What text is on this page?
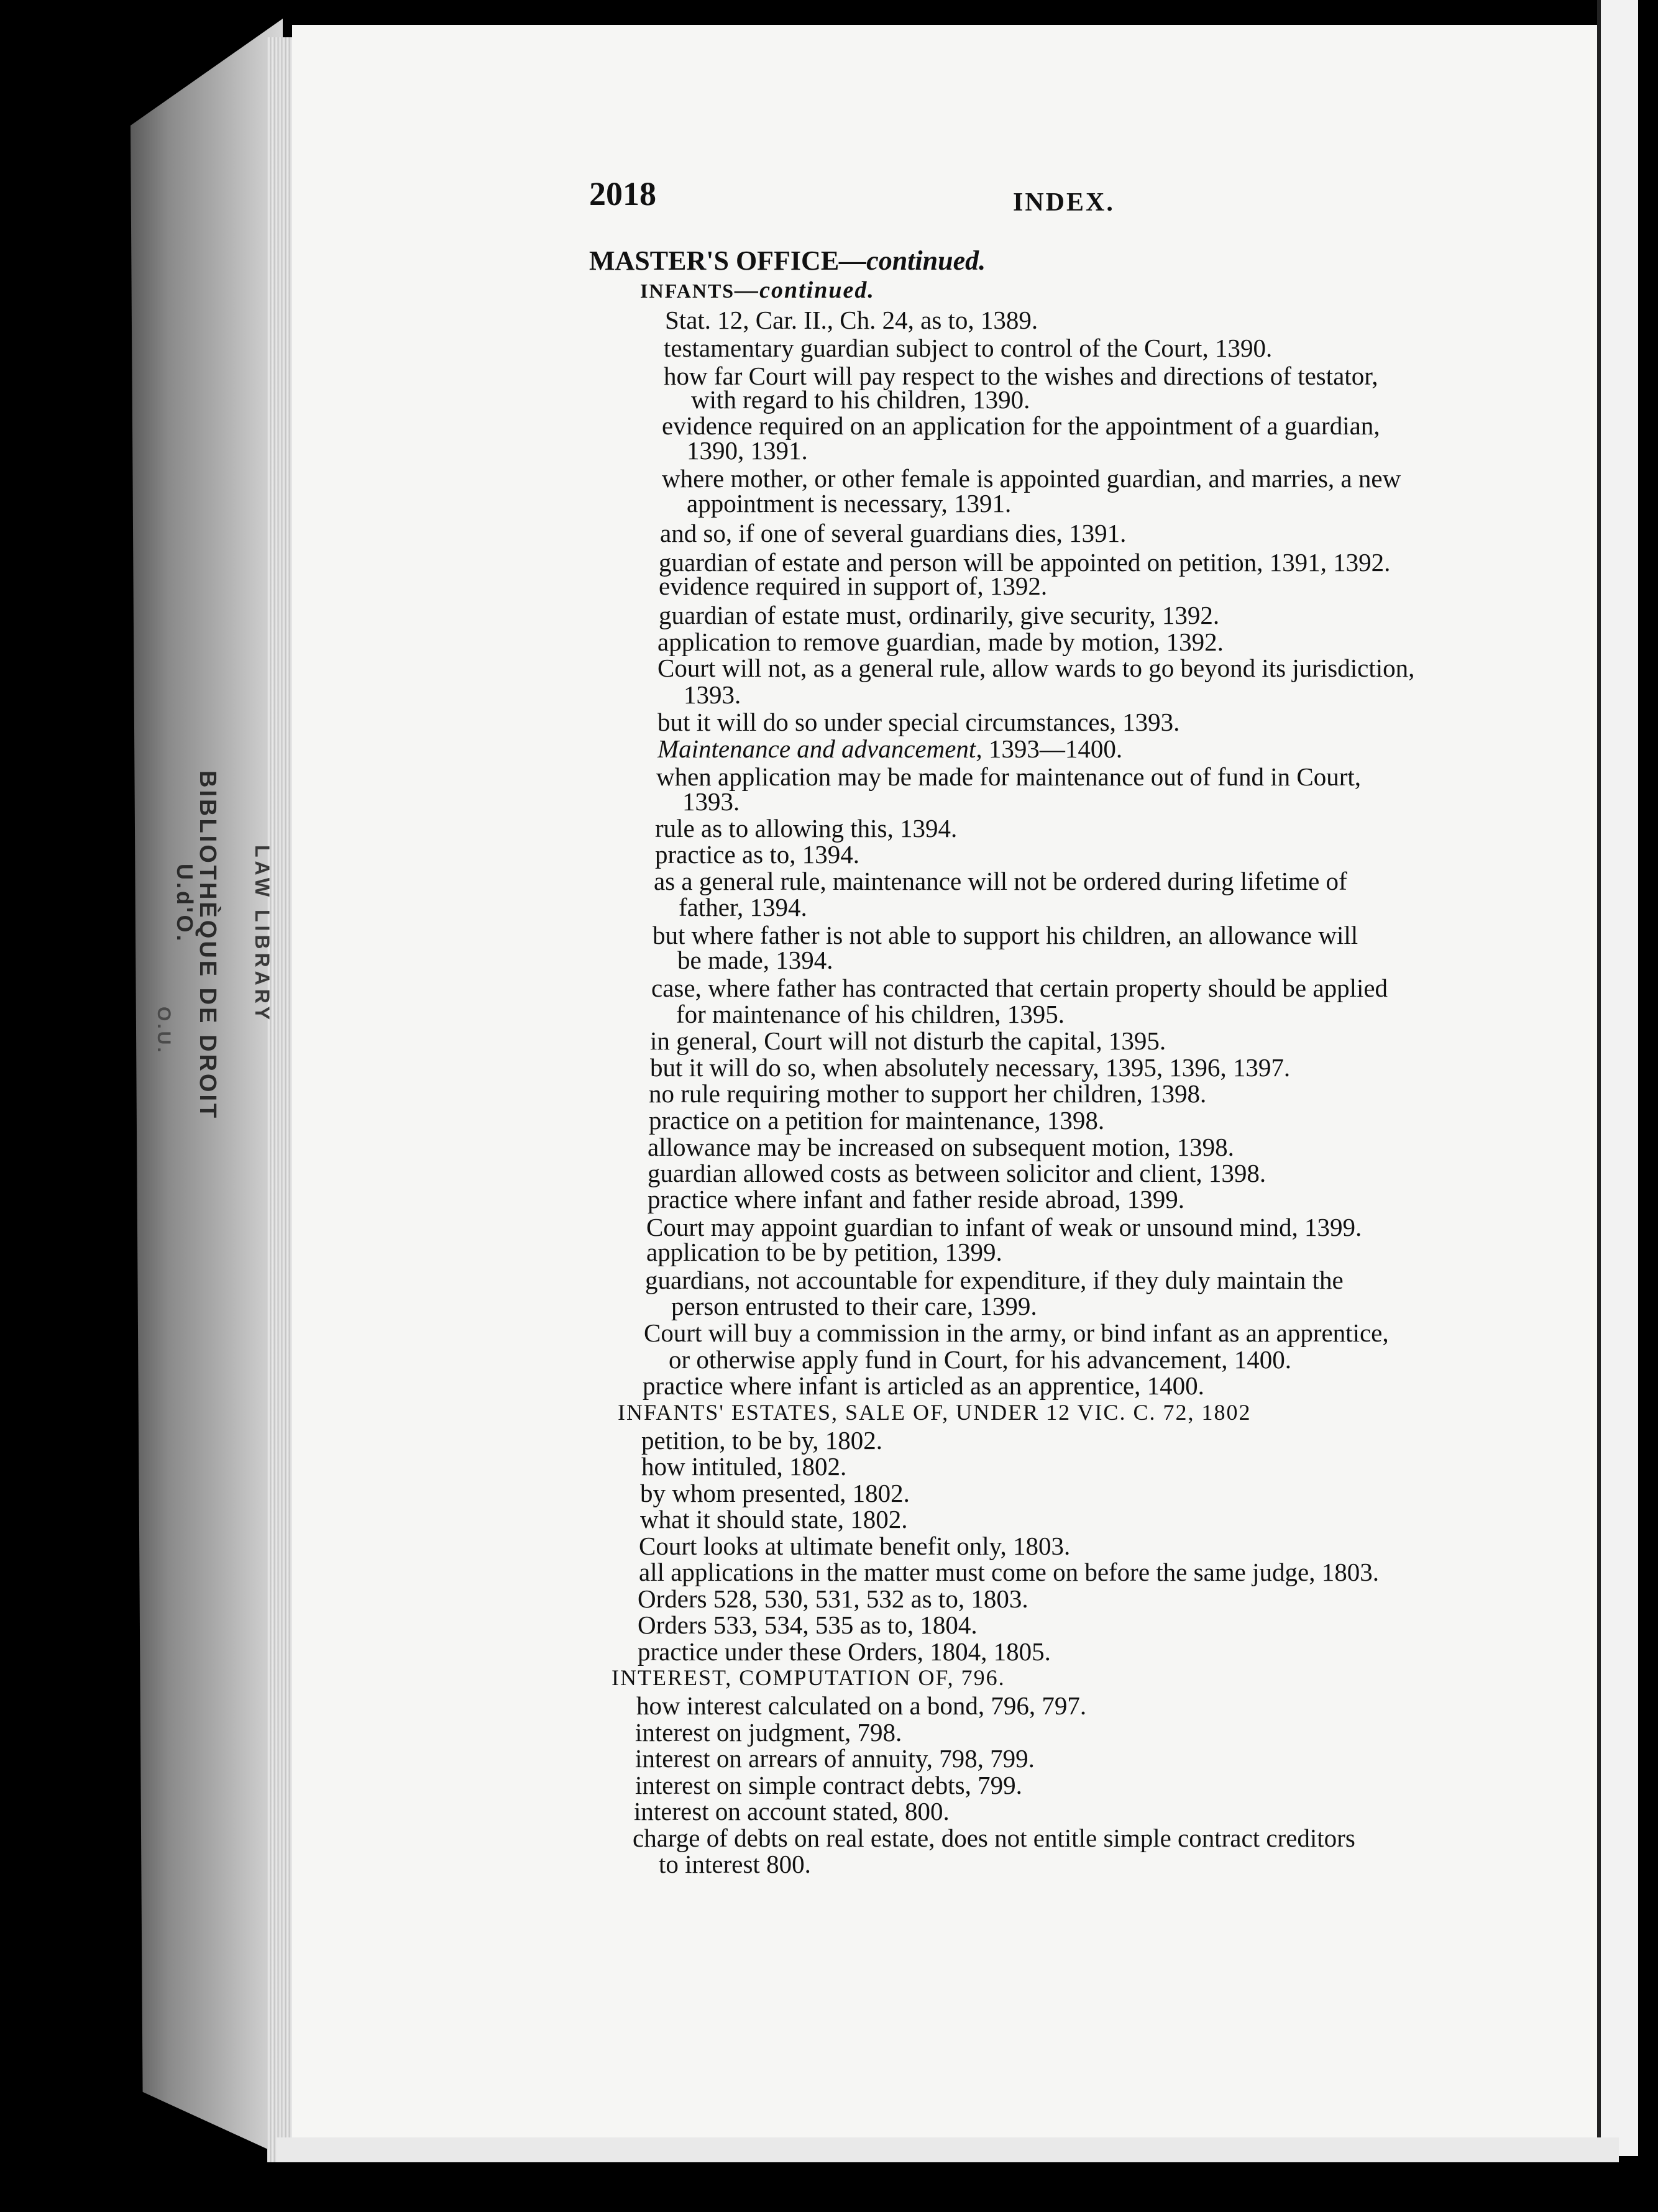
BIBLIOTHÈQUE DE DROIT
U.d'O.
O.U.
LAW LIBRARY
2018	INDEX.
MASTER'S OFFICE—continued.
INFANTS—continued.
Stat. 12, Car. II., Ch. 24, as to, 1389.
testamentary guardian subject to control of the Court, 1390.
how far Court will pay respect to the wishes and directions of testator,
with regard to his children, 1390.
evidence required on an application for the appointment of a guardian,
1390, 1391.
where mother, or other female is appointed guardian, and marries, a new
appointment is necessary, 1391.
and so, if one of several guardians dies, 1391.
guardian of estate and person will be appointed on petition, 1391, 1392.
evidence required in support of, 1392.
guardian of estate must, ordinarily, give security, 1392.
application to remove guardian, made by motion, 1392.
Court will not, as a general rule, allow wards to go beyond its jurisdiction,
1393.
but it will do so under special circumstances, 1393.
Maintenance and advancement, 1393—1400.
when application may be made for maintenance out of fund in Court,
1393.
rule as to allowing this, 1394.
practice as to, 1394.
as a general rule, maintenance will not be ordered during lifetime of
father, 1394.
but where father is not able to support his children, an allowance will
be made, 1394.
case, where father has contracted that certain property should be applied
for maintenance of his children, 1395.
in general, Court will not disturb the capital, 1395.
but it will do so, when absolutely necessary, 1395, 1396, 1397.
no rule requiring mother to support her children, 1398.
practice on a petition for maintenance, 1398.
allowance may be increased on subsequent motion, 1398.
guardian allowed costs as between solicitor and client, 1398.
practice where infant and father reside abroad, 1399.
Court may appoint guardian to infant of weak or unsound mind, 1399.
application to be by petition, 1399.
guardians, not accountable for expenditure, if they duly maintain the
person entrusted to their care, 1399.
Court will buy a commission in the army, or bind infant as an apprentice,
or otherwise apply fund in Court, for his advancement, 1400.
practice where infant is articled as an apprentice, 1400.
INFANTS' ESTATES, SALE OF, UNDER 12 VIC. C. 72, 1802
petition, to be by, 1802.
how intituled, 1802.
by whom presented, 1802.
what it should state, 1802.
Court looks at ultimate benefit only, 1803.
all applications in the matter must come on before the same judge, 1803.
Orders 528, 530, 531, 532 as to, 1803.
Orders 533, 534, 535 as to, 1804.
practice under these Orders, 1804, 1805.
INTEREST, COMPUTATION OF, 796.
how interest calculated on a bond, 796, 797.
interest on judgment, 798.
interest on arrears of annuity, 798, 799.
interest on simple contract debts, 799.
interest on account stated, 800.
charge of debts on real estate, does not entitle simple contract creditors
to interest 800.
